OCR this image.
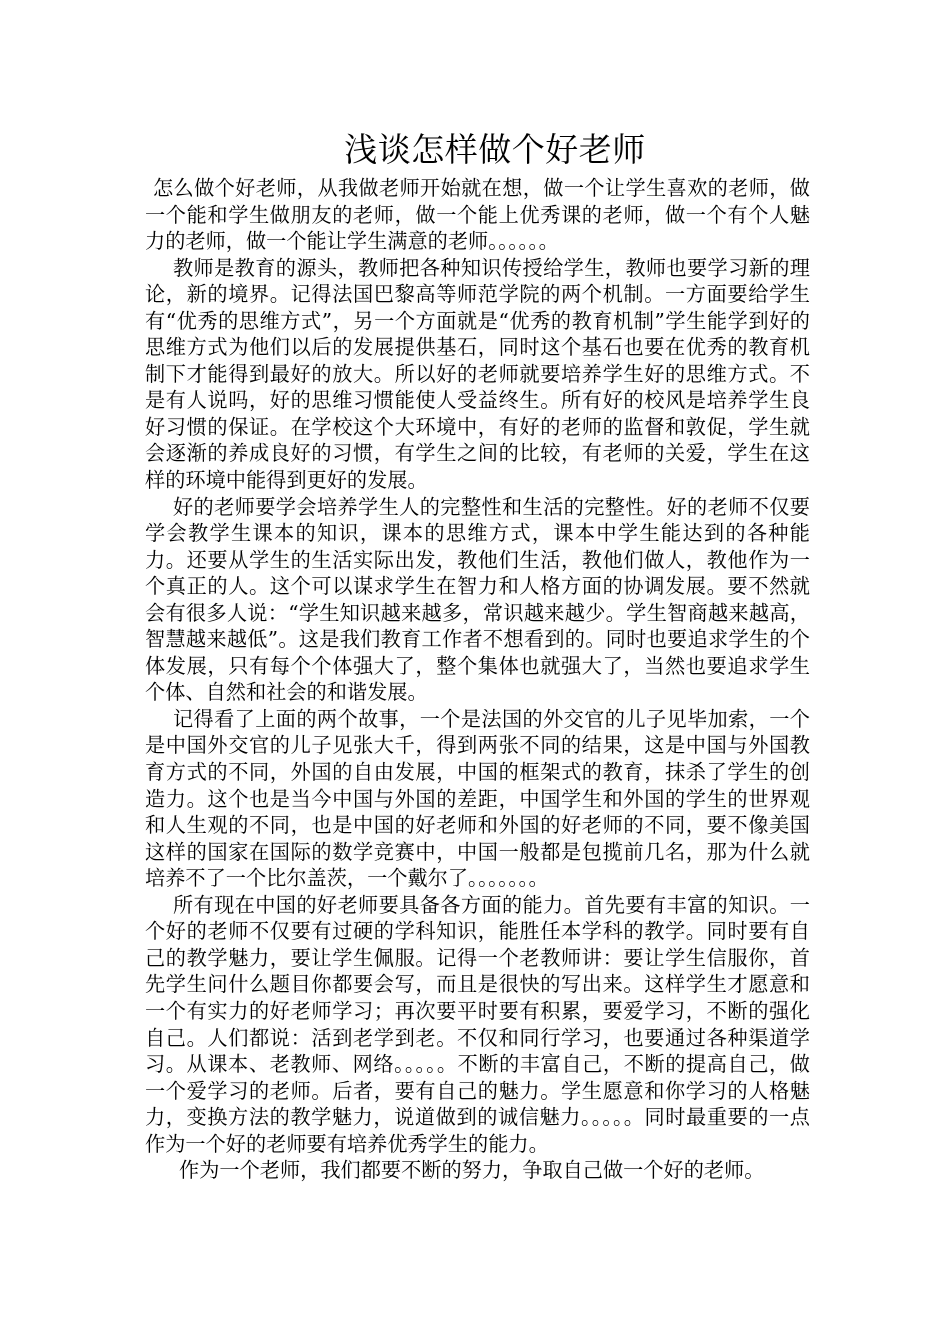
浅谈怎样做个好老师

怎么做个好老师，从我做老师开始就在想，做一个让学生喜欢的老师，做一个能和学生做朋友的老师，做一个能上优秀课的老师，做一个有个人魅力的老师，做一个能让学生满意的老师。。。。。。

教师是教育的源头，教师把各种知识传授给学生，教师也要学习新的理论，新的境界。记得法国巴黎高等师范学院的两个机制。一方面要给学生有“优秀的思维方式”，另一个方面就是“优秀的教育机制”学生能学到好的思维方式为他们以后的发展提供基石，同时这个基石也要在优秀的教育机制下才能得到最好的放大。所以好的老师就要培养学生好的思维方式。不是有人说吗，好的思维习惯能使人受益终生。所有好的校风是培养学生良好习惯的保证。在学校这个大环境中，有好的老师的监督和敦促，学生就会逐渐的养成良好的习惯，有学生之间的比较，有老师的关爱，学生在这样的环境中能得到更好的发展。

好的老师要学会培养学生人的完整性和生活的完整性。好的老师不仅要学会教学生课本的知识，课本的思维方式，课本中学生能达到的各种能力。还要从学生的生活实际出发，教他们生活，教他们做人，教他作为一个真正的人。这个可以谋求学生在智力和人格方面的协调发展。要不然就会有很多人说：“学生知识越来越多，常识越来越少。学生智商越来越高，智慧越来越低”。这是我们教育工作者不想看到的。同时也要追求学生的个体发展，只有每个个体强大了，整个集体也就强大了，当然也要追求学生个体、自然和社会的和谐发展。

记得看了上面的两个故事，一个是法国的外交官的儿子见毕加索，一个是中国外交官的儿子见张大千，得到两张不同的结果，这是中国与外国教育方式的不同，外国的自由发展，中国的框架式的教育，抹杀了学生的创造力。这个也是当今中国与外国的差距，中国学生和外国的学生的世界观和人生观的不同，也是中国的好老师和外国的好老师的不同，要不像美国这样的国家在国际的数学竞赛中，中国一般都是包揽前几名，那为什么就培养不了一个比尔盖茨，一个戴尔了。。。。。。。

所有现在中国的好老师要具备各方面的能力。首先要有丰富的知识。一个好的老师不仅要有过硬的学科知识，能胜任本学科的教学。同时要有自己的教学魅力，要让学生佩服。记得一个老教师讲：要让学生信服你，首先学生问什么题目你都要会写，而且是很快的写出来。这样学生才愿意和一个有实力的好老师学习；再次要平时要有积累，要爱学习，不断的强化自己。人们都说：活到老学到老。不仅和同行学习，也要通过各种渠道学习。从课本、老教师、网络。。。。。不断的丰富自己，不断的提高自己，做一个爱学习的老师。后者，要有自己的魅力。学生愿意和你学习的人格魅力，变换方法的教学魅力，说道做到的诚信魅力。。。。。同时最重要的一点作为一个好的老师要有培养优秀学生的能力。

作为一个老师，我们都要不断的努力，争取自己做一个好的老师。
